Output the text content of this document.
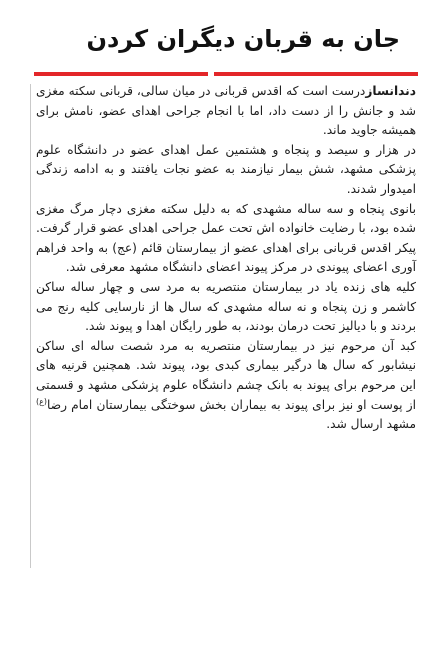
جان به قربان دیگران کردن

دندانسازدرست است که اقدس قربانی در میان سالی، قربانی سکته مغزی شد و جانش را از دست داد، اما با انجام جراحی اهدای عضو، نامش برای همیشه جاوید ماند.

در هزار و سیصد و پنجاه و هشتمین عمل اهدای عضو در دانشگاه علوم پزشکی مشهد، شش بیمار نیازمند به عضو نجات یافتند و به ادامه زندگی امیدوار شدند.

بانوی پنجاه و سه ساله مشهدی که به دلیل سکته مغزی دچار مرگ مغزی شده بود، با رضایت خانواده اش تحت عمل جراحی اهدای عضو قرار گرفت. پیکر اقدس قربانی برای اهدای عضو از بیمارستان قائم (عج) به واحد فراهم آوری اعضای پیوندی در مرکز پیوند اعضای دانشگاه مشهد معرفی شد.

کلیه های زنده یاد در بیمارستان منتصریه به مرد سی و چهار ساله ساکن کاشمر و زن پنجاه و نه ساله مشهدی که سال ها از نارسایی کلیه رنج می بردند و با دیالیز تحت درمان بودند، به طور رایگان اهدا و پیوند شد.

کبد آن مرحوم نیز در بیمارستان منتصریه به مرد شصت ساله ای ساکن نیشابور که سال ها درگیر بیماری کبدی بود، پیوند شد. همچنین قرنیه های این مرحوم برای پیوند به بانک چشم دانشگاه علوم پزشکی مشهد و قسمتی از پوست او نیز برای پیوند به بیماران بخش سوختگی بیمارستان امام رضا$^{(ع)}$ مشهد ارسال شد.
